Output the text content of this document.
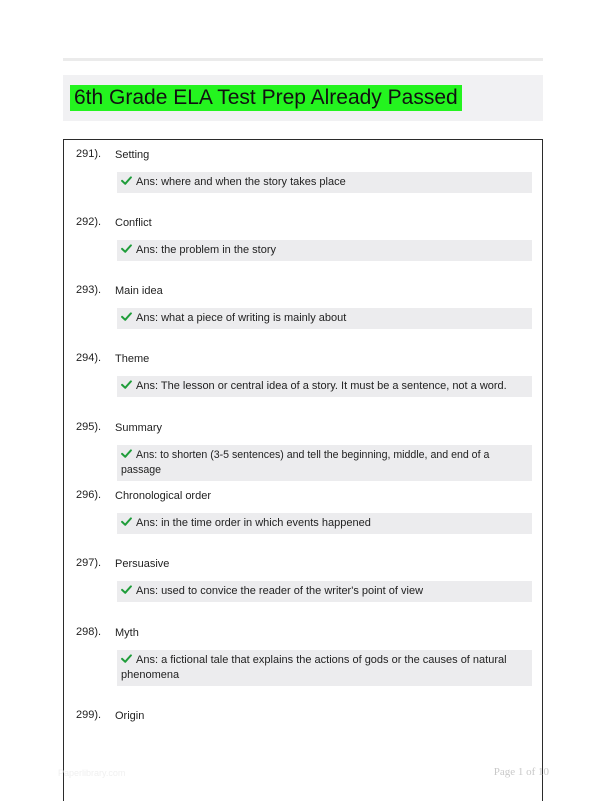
6th Grade ELA Test Prep Already Passed
291). Setting
Ans: where and when the story takes place
292). Conflict
Ans: the problem in the story
293). Main idea
Ans: what a piece of writing is mainly about
294). Theme
Ans: The lesson or central idea of a story. It must be a sentence, not a word.
295). Summary
Ans: to shorten (3-5 sentences) and tell the beginning, middle, and end of a passage
296). Chronological order
Ans: in the time order in which events happened
297). Persuasive
Ans: used to convice the reader of the writer's point of view
298). Myth
Ans: a fictional tale that explains the actions of gods or the causes of natural phenomena
299). Origin
Paperlibrary.com	Page 1 of 10
